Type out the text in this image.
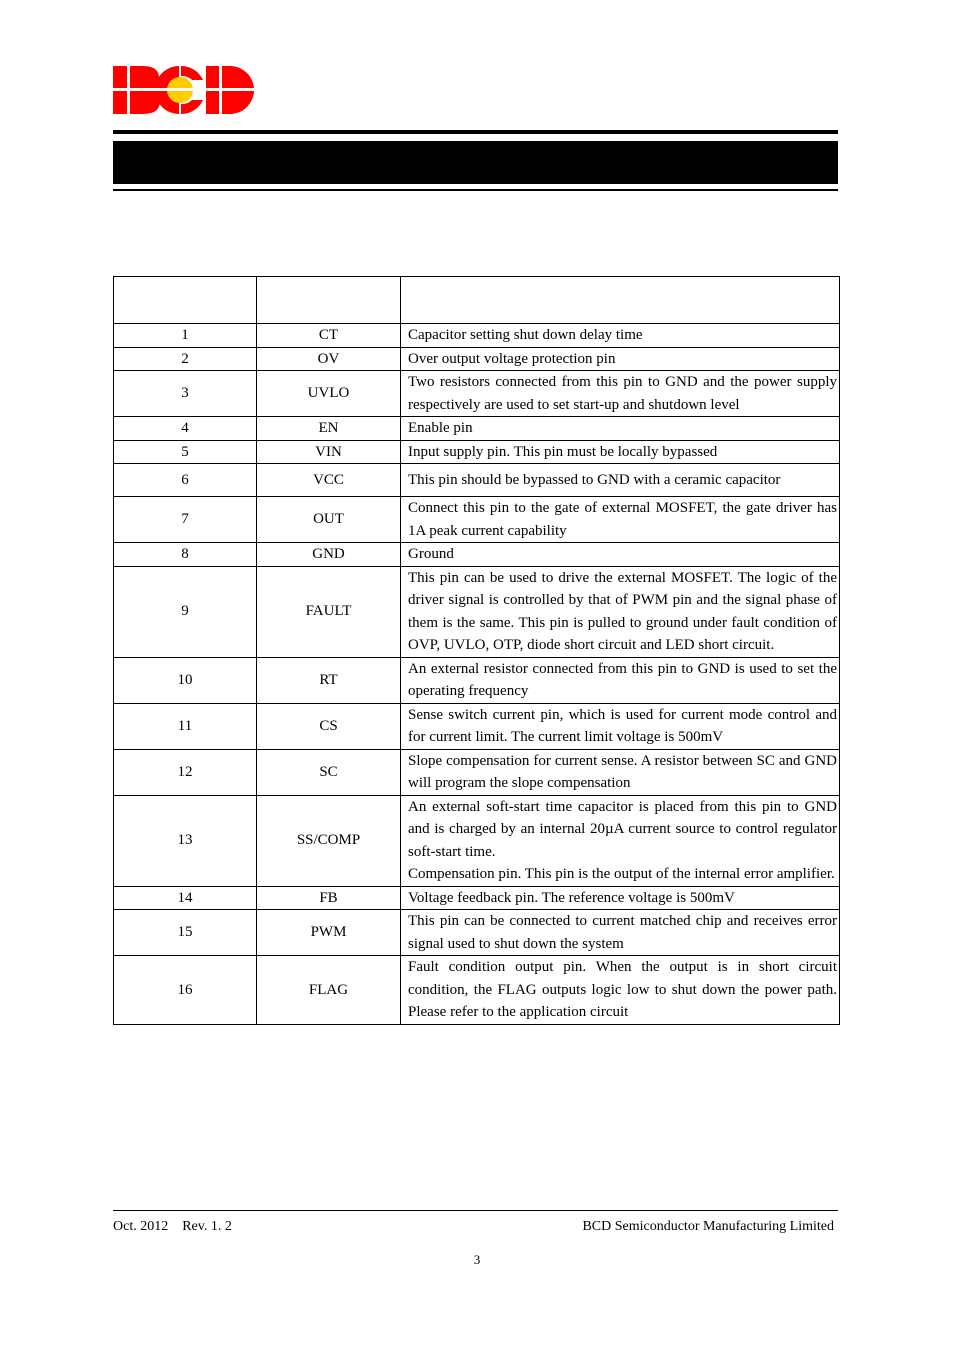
1	CT	Capacitor setting shut down delay time
2	OV	Over output voltage protection pin
3	UVLO	Two resistors connected from this pin to GND and the power supply respectively are used to set start-up and shutdown level
4	EN	Enable pin
5	VIN	Input supply pin. This pin must be locally bypassed
6	VCC	This pin should be bypassed to GND with a ceramic capacitor
7	OUT	Connect this pin to the gate of external MOSFET, the gate driver has 1A peak current capability
8	GND	Ground
9	FAULT	This pin can be used to drive the external MOSFET. The logic of the driver signal is controlled by that of PWM pin and the signal phase of them is the same. This pin is pulled to ground under fault condition of OVP, UVLO, OTP, diode short circuit and LED short circuit.
10	RT	An external resistor connected from this pin to GND is used to set the operating frequency
11	CS	Sense switch current pin, which is used for current mode control and for current limit. The current limit voltage is 500mV
12	SC	Slope compensation for current sense. A resistor between SC and GND will program the slope compensation
13	SS/COMP	An external soft-start time capacitor is placed from this pin to GND and is charged by an internal 20µA current source to control regulator soft-start time.
Compensation pin. This pin is the output of the internal error amplifier.

14	FB	Voltage feedback pin. The reference voltage is 500mV
15	PWM	This pin can be connected to current matched chip and receives error signal used to shut down the system
16	FLAG	Fault condition output pin. When the output is in short circuit condition, the FLAG outputs logic low to shut down the power path. Please refer to the application circuit
Oct. 2012 Rev. 1. 2	BCD Semiconductor Manufacturing Limited
3
